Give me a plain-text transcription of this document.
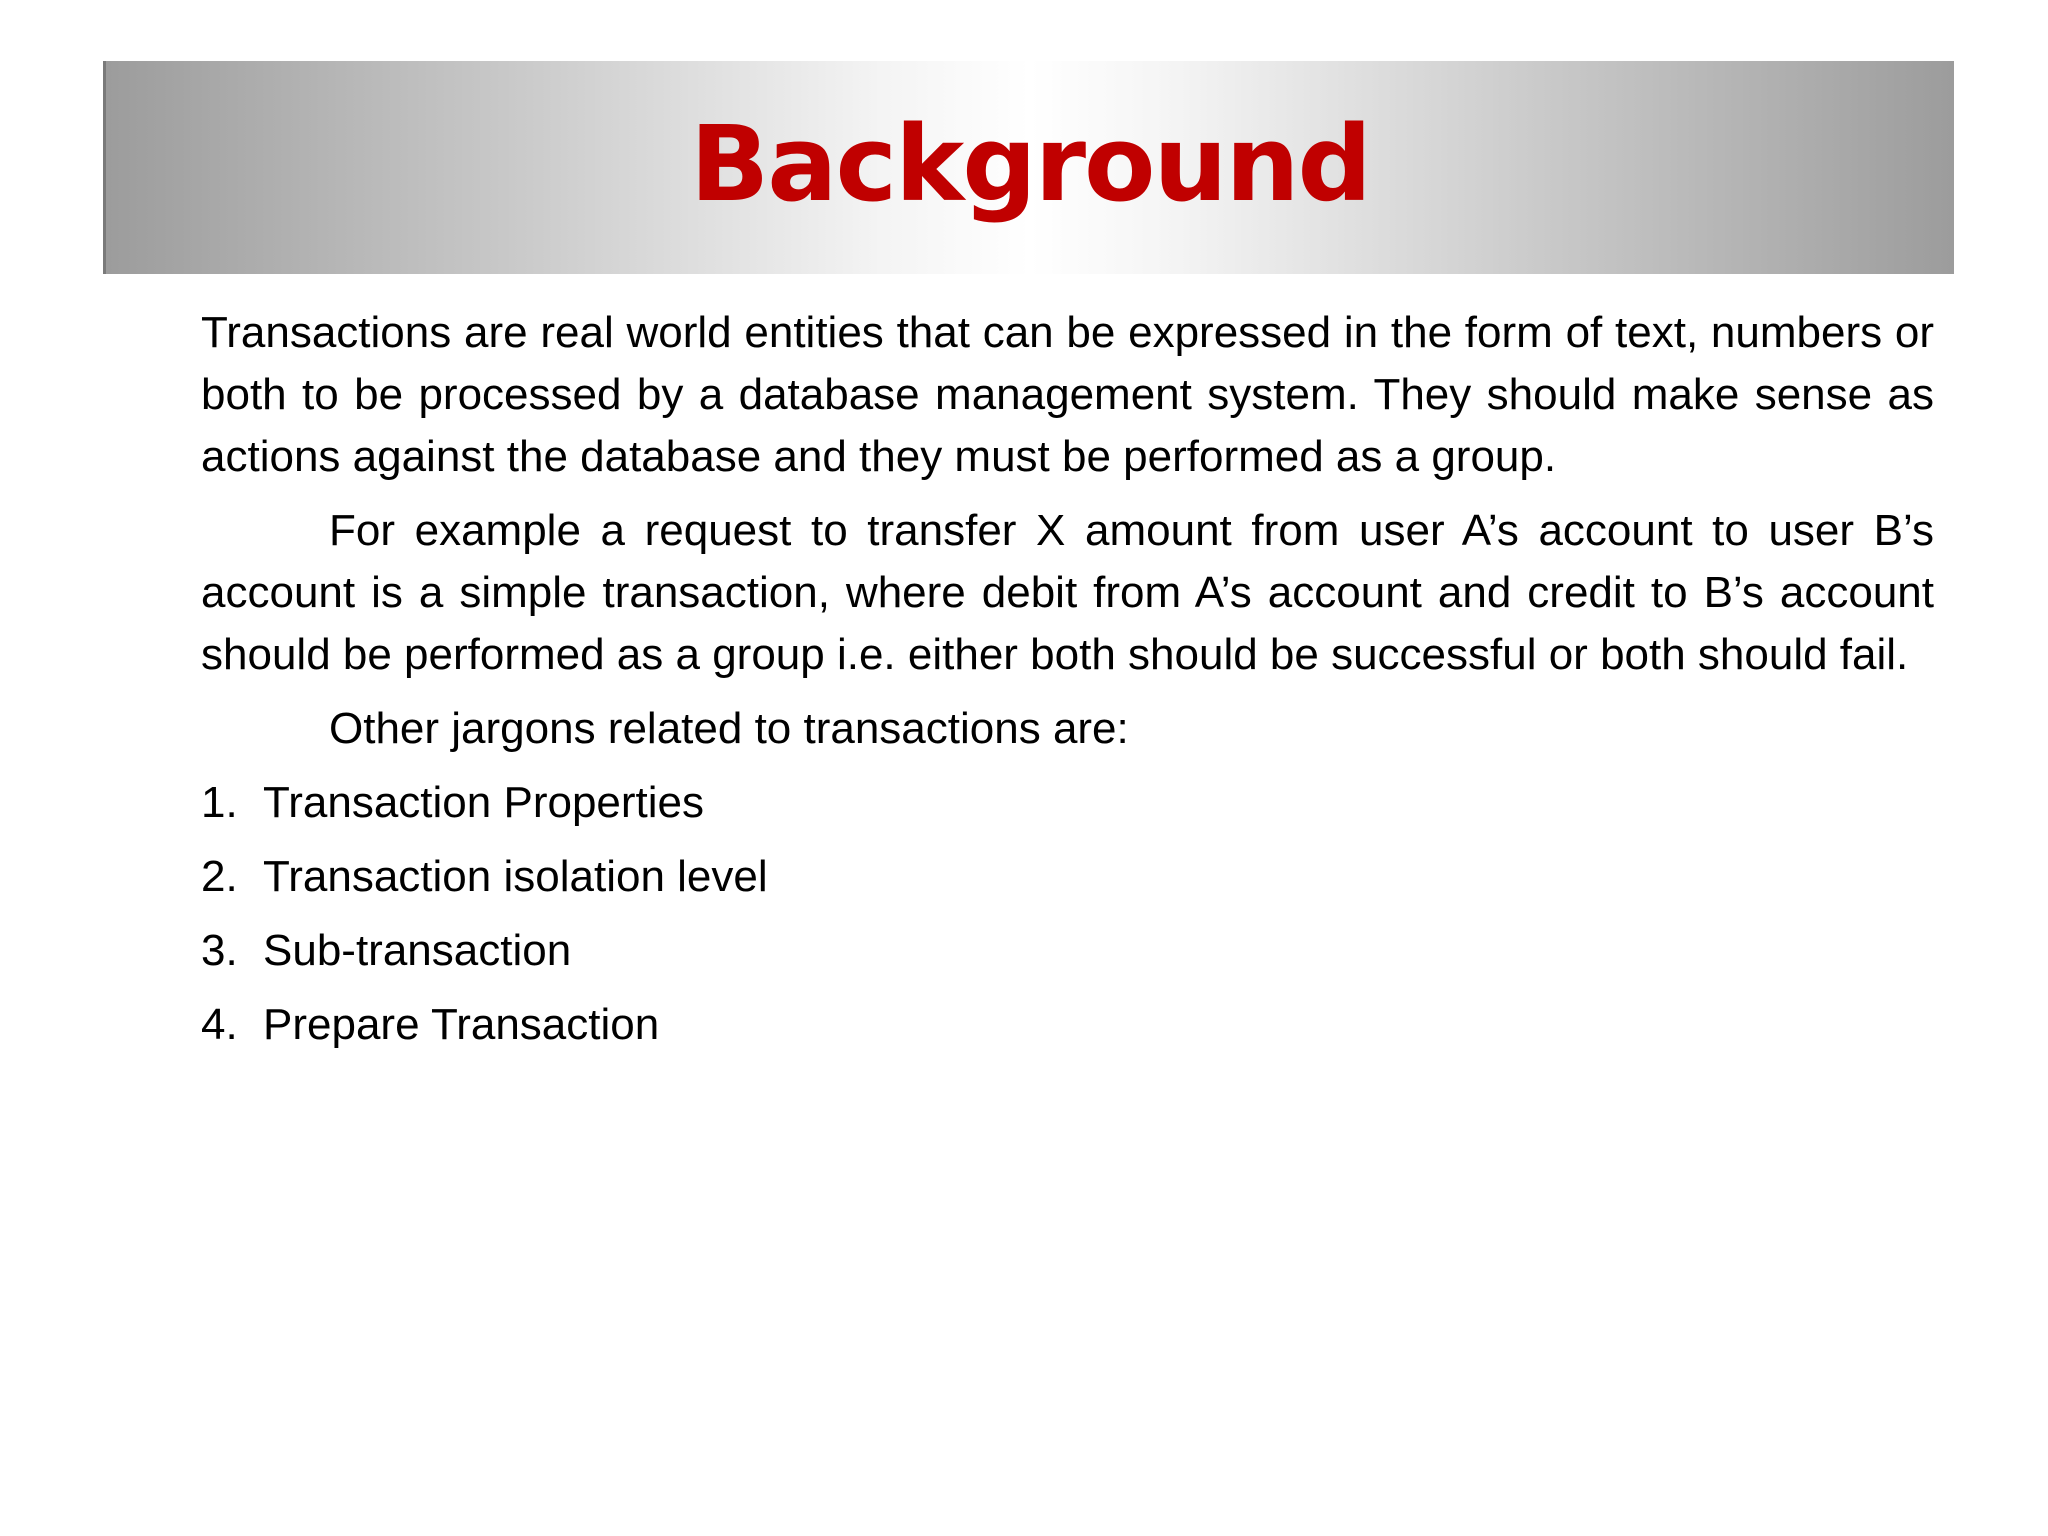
Background

Transactions are real world entities that can be expressed in the form of text, numbers or both to be processed by a database management system. They should make sense as actions against the database and they must be performed as a group.

For example a request to transfer X amount from user A’s account to user B’s account is a simple transaction, where debit from A’s account and credit to B’s account should be performed as a group i.e. either both should be successful or both should fail.

Other jargons related to transactions are:

1. Transaction Properties
2. Transaction isolation level
3. Sub-transaction
4. Prepare Transaction
